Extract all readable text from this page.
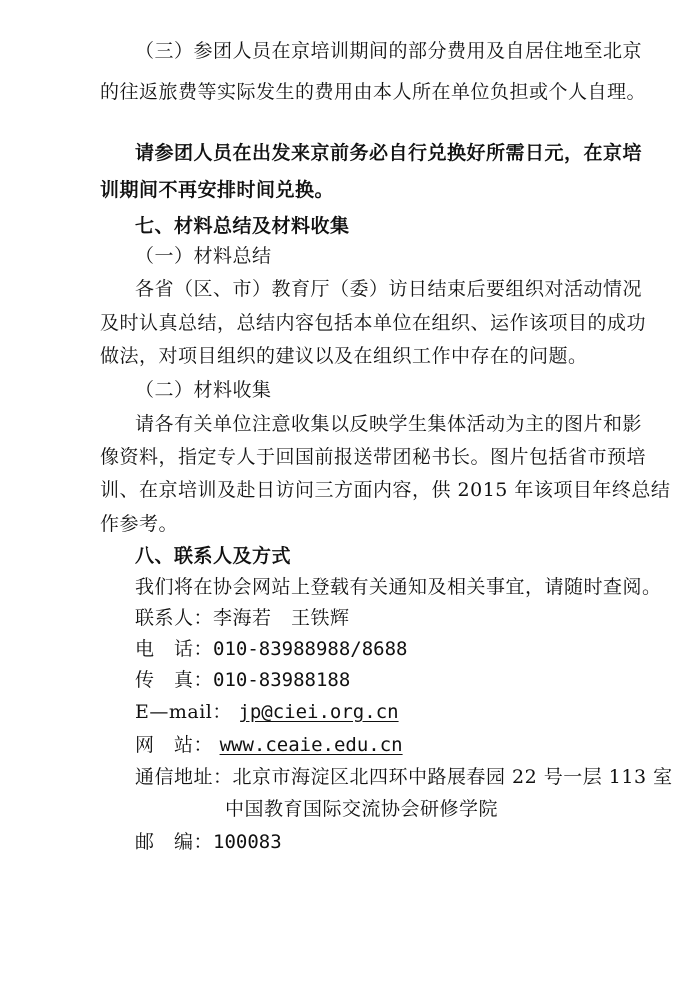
（三）参团人员在京培训期间的部分费用及自居住地至北京
的往返旅费等实际发生的费用由本人所在单位负担或个人自理。
请参团人员在出发来京前务必自行兑换好所需日元，在京培
训期间不再安排时间兑换。
七、材料总结及材料收集
（一）材料总结
各省（区、市）教育厅（委）访日结束后要组织对活动情况
及时认真总结，总结内容包括本单位在组织、运作该项目的成功
做法，对项目组织的建议以及在组织工作中存在的问题。
（二）材料收集
请各有关单位注意收集以反映学生集体活动为主的图片和影
像资料，指定专人于回国前报送带团秘书长。图片包括省市预培
训、在京培训及赴日访问三方面内容，供 2015 年该项目年终总结
作参考。
八、联系人及方式
我们将在协会网站上登载有关通知及相关事宜，请随时查阅。
联系人：李海若　王铁辉
电　话：010-83988988/8688
传　真：010-83988188
E—mail： jp@ciei.org.cn
网　站： www.ceaie.edu.cn
通信地址：北京市海淀区北四环中路展春园 22 号一层 113 室
中国教育国际交流协会研修学院
邮　编：100083
